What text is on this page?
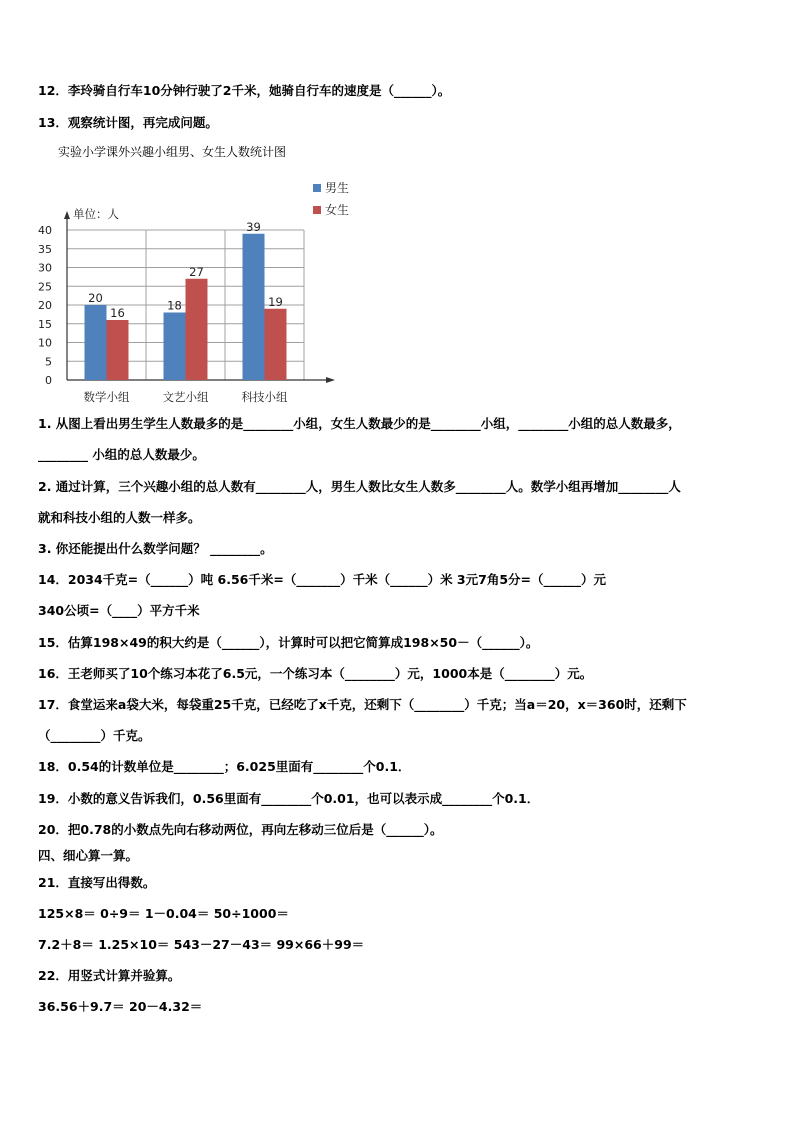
12．李玲骑自行车10分钟行驶了2千米，她骑自行车的速度是（______）。
13．观察统计图，再完成问题。
实验小学课外兴趣小组男、女生人数统计图
0
5
10
15
20
25
30
35
40
单位：人
20
16
数学小组
18
27
文艺小组
39
19
科技小组
男生
女生
1. 从图上看出男生学生人数最多的是________小组，女生人数最少的是________小组，________小组的总人数最多，
________ 小组的总人数最少。
2. 通过计算，三个兴趣小组的总人数有________人，男生人数比女生人数多________人。数学小组再增加________人
就和科技小组的人数一样多。
3. 你还能提出什么数学问题？ ________。
14．2034千克=（______）吨 6.56千米=（_______）千米（______）米 3元7角5分=（______）元
340公顷=（____）平方千米
15．估算198×49的积大约是（______），计算时可以把它简算成198×50－（______）。
16．王老师买了10个练习本花了6.5元，一个练习本（________）元，1000本是（________）元。
17．食堂运来a袋大米，每袋重25千克，已经吃了x千克，还剩下（________）千克；当a＝20，x＝360时，还剩下
（________）千克。
18．0.54的计数单位是________；6.025里面有________个0.1．
19．小数的意义告诉我们，0.56里面有________个0.01，也可以表示成________个0.1．
20．把0.78的小数点先向右移动两位，再向左移动三位后是（______）。
四、细心算一算。
21．直接写出得数。
125×8＝ 0÷9＝ 1－0.04＝ 50÷1000＝
7.2＋8＝ 1.25×10＝ 543－27－43＝ 99×66＋99＝
22．用竖式计算并验算。
36.56＋9.7＝ 20－4.32＝
